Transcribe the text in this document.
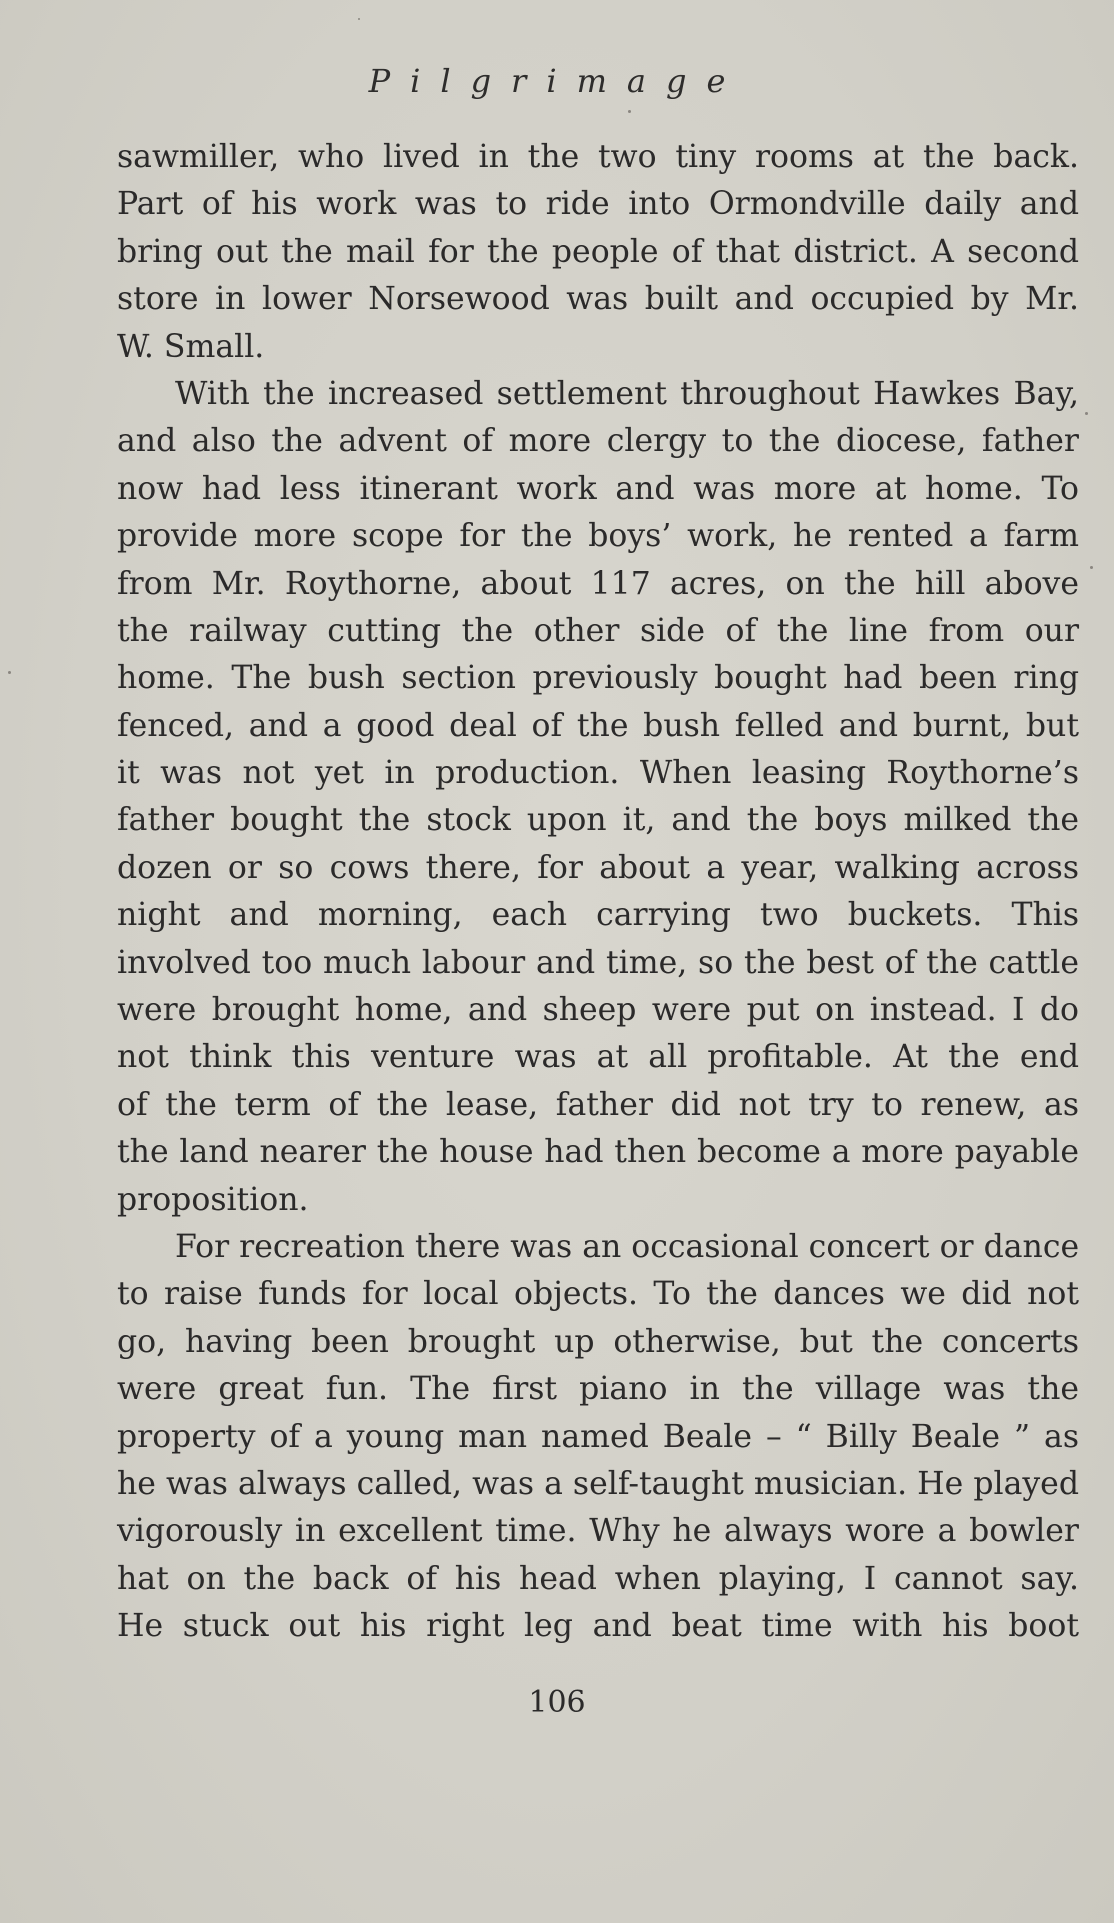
Pilgrimage
sawmiller, who lived in the two tiny rooms at the back.
Part of his work was to ride into Ormondville daily and
bring out the mail for the people of that district. A second
store in lower Norsewood was built and occupied by Mr.
W. Small.
With the increased settlement throughout Hawkes Bay,
and also the advent of more clergy to the diocese, father
now had less itinerant work and was more at home. To
provide more scope for the boys’ work, he rented a farm
from Mr. Roythorne, about 117 acres, on the hill above
the railway cutting the other side of the line from our
home. The bush section previously bought had been ring
fenced, and a good deal of the bush felled and burnt, but
it was not yet in production. When leasing Roythorne’s
father bought the stock upon it, and the boys milked the
dozen or so cows there, for about a year, walking across
night and morning, each carrying two buckets. This
involved too much labour and time, so the best of the cattle
were brought home, and sheep were put on instead. I do
not think this venture was at all profitable. At the end
of the term of the lease, father did not try to renew, as
the land nearer the house had then become a more payable
proposition.
For recreation there was an occasional concert or dance
to raise funds for local objects. To the dances we did not
go, having been brought up otherwise, but the concerts
were great fun. The first piano in the village was the
property of a young man named Beale – “ Billy Beale ” as
he was always called, was a self-taught musician. He played
vigorously in excellent time. Why he always wore a bowler
hat on the back of his head when playing, I cannot say.
He stuck out his right leg and beat time with his boot
106
